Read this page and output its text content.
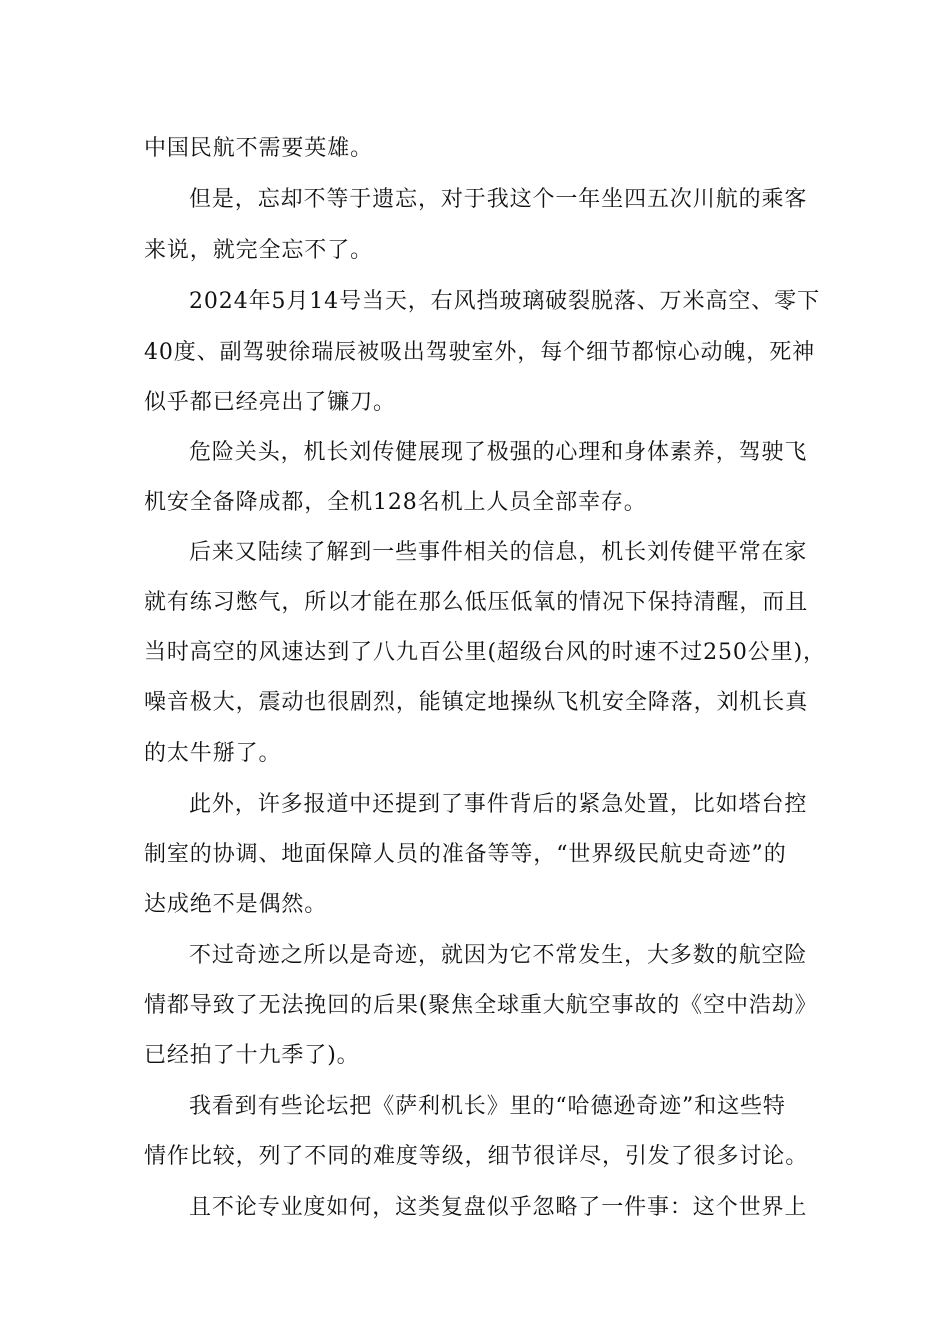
中国民航不需要英雄。
但是，忘却不等于遗忘，对于我这个一年坐四五次川航的乘客
来说，就完全忘不了。
2024年5月14号当天，右风挡玻璃破裂脱落、万米高空、零下
40度、副驾驶徐瑞辰被吸出驾驶室外，每个细节都惊心动魄，死神
似乎都已经亮出了镰刀。
危险关头，机长刘传健展现了极强的心理和身体素养，驾驶飞
机安全备降成都，全机128名机上人员全部幸存。
后来又陆续了解到一些事件相关的信息，机长刘传健平常在家
就有练习憋气，所以才能在那么低压低氧的情况下保持清醒，而且
当时高空的风速达到了八九百公里(超级台风的时速不过250公里)，
噪音极大，震动也很剧烈，能镇定地操纵飞机安全降落，刘机长真
的太牛掰了。
此外，许多报道中还提到了事件背后的紧急处置，比如塔台控
制室的协调、地面保障人员的准备等等，“世界级民航史奇迹”的
达成绝不是偶然。
不过奇迹之所以是奇迹，就因为它不常发生，大多数的航空险
情都导致了无法挽回的后果(聚焦全球重大航空事故的《空中浩劫》
已经拍了十九季了)。
我看到有些论坛把《萨利机长》里的“哈德逊奇迹”和这些特
情作比较，列了不同的难度等级，细节很详尽，引发了很多讨论。
且不论专业度如何，这类复盘似乎忽略了一件事：这个世界上
